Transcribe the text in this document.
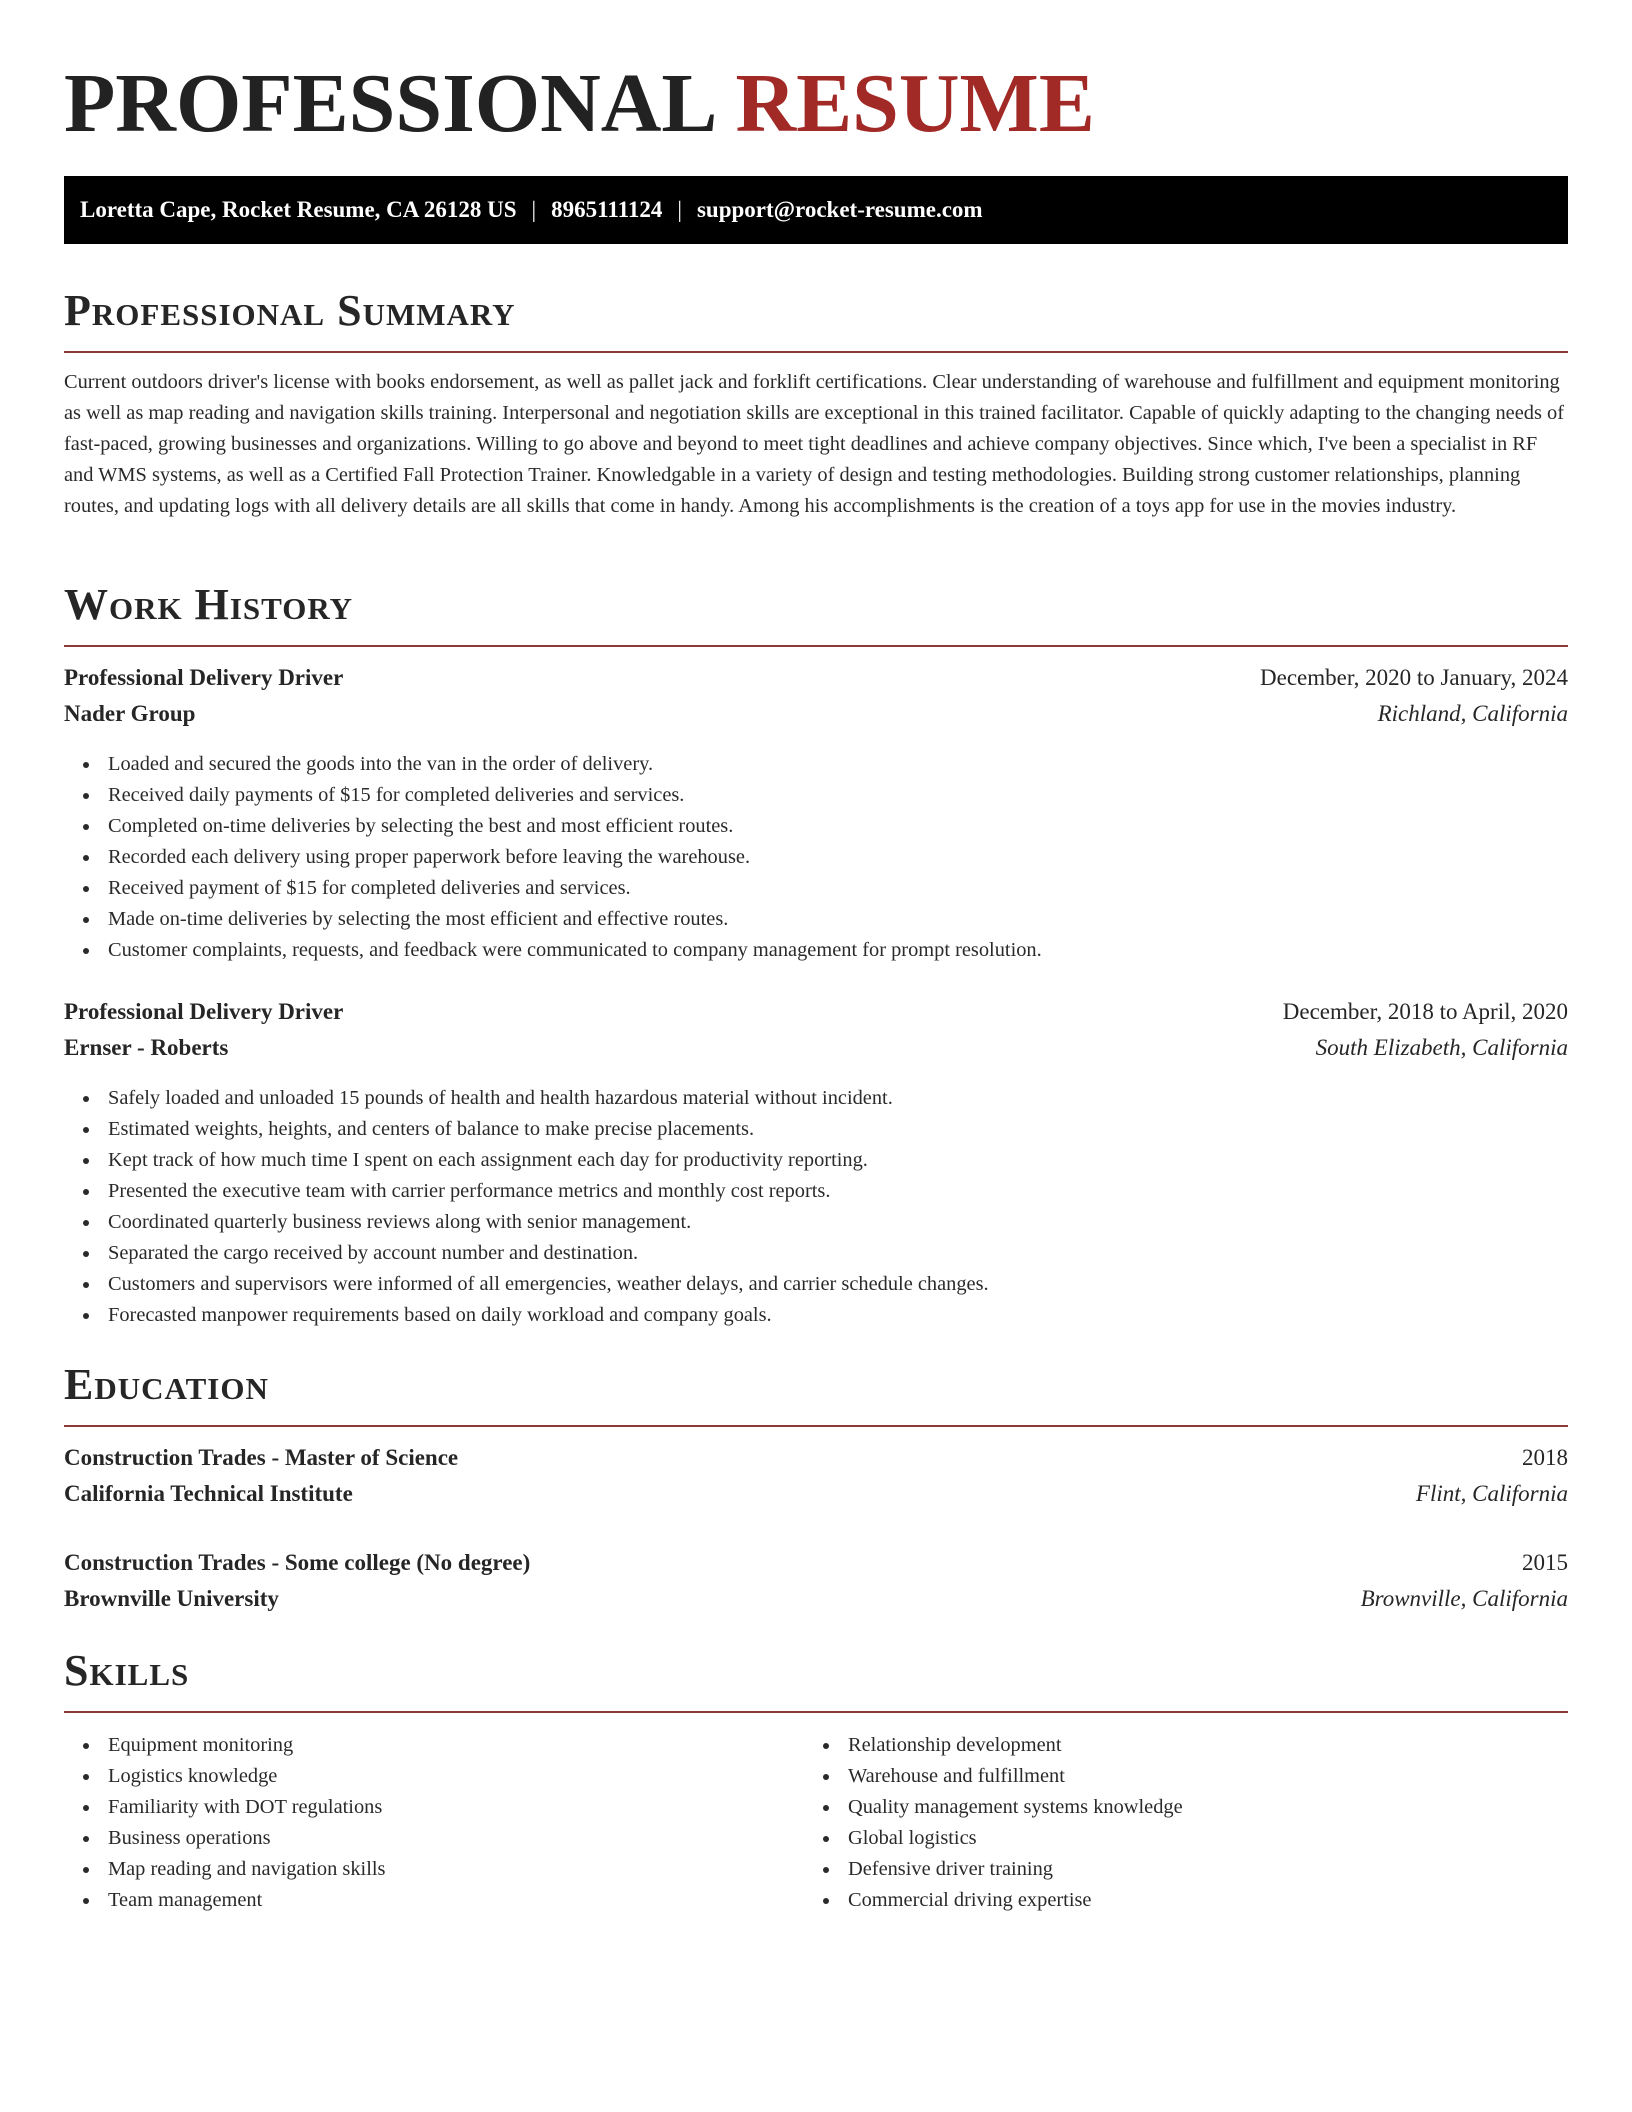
PROFESSIONAL RESUME
Loretta Cape, Rocket Resume, CA 26128 US | 8965111124 | support@rocket-resume.com
Professional Summary

Current outdoors driver's license with books endorsement, as well as pallet jack and forklift certifications. Clear understanding of warehouse and fulfillment and equipment monitoring as well as map reading and navigation skills training. Interpersonal and negotiation skills are exceptional in this trained facilitator. Capable of quickly adapting to the changing needs of fast-paced, growing businesses and organizations. Willing to go above and beyond to meet tight deadlines and achieve company objectives. Since which, I've been a specialist in RF and WMS systems, as well as a Certified Fall Protection Trainer. Knowledgable in a variety of design and testing methodologies. Building strong customer relationships, planning routes, and updating logs with all delivery details are all skills that come in handy. Among his accomplishments is the creation of a toys app for use in the movies industry.

Work History
Professional Delivery Driver	December, 2020 to January, 2024
Nader Group	Richland, California
Loaded and secured the goods into the van in the order of delivery.
Received daily payments of $15 for completed deliveries and services.
Completed on-time deliveries by selecting the best and most efficient routes.
Recorded each delivery using proper paperwork before leaving the warehouse.
Received payment of $15 for completed deliveries and services.
Made on-time deliveries by selecting the most efficient and effective routes.
Customer complaints, requests, and feedback were communicated to company management for prompt resolution.
Professional Delivery Driver	December, 2018 to April, 2020
Ernser - Roberts	South Elizabeth, California
Safely loaded and unloaded 15 pounds of health and health hazardous material without incident.
Estimated weights, heights, and centers of balance to make precise placements.
Kept track of how much time I spent on each assignment each day for productivity reporting.
Presented the executive team with carrier performance metrics and monthly cost reports.
Coordinated quarterly business reviews along with senior management.
Separated the cargo received by account number and destination.
Customers and supervisors were informed of all emergencies, weather delays, and carrier schedule changes.
Forecasted manpower requirements based on daily workload and company goals.
Education
Construction Trades - Master of Science	2018
California Technical Institute	Flint, California
Construction Trades - Some college (No degree)	2015
Brownville University	Brownville, California
Skills
Equipment monitoring
Logistics knowledge
Familiarity with DOT regulations
Business operations
Map reading and navigation skills
Team management
Relationship development
Warehouse and fulfillment
Quality management systems knowledge
Global logistics
Defensive driver training
Commercial driving expertise
